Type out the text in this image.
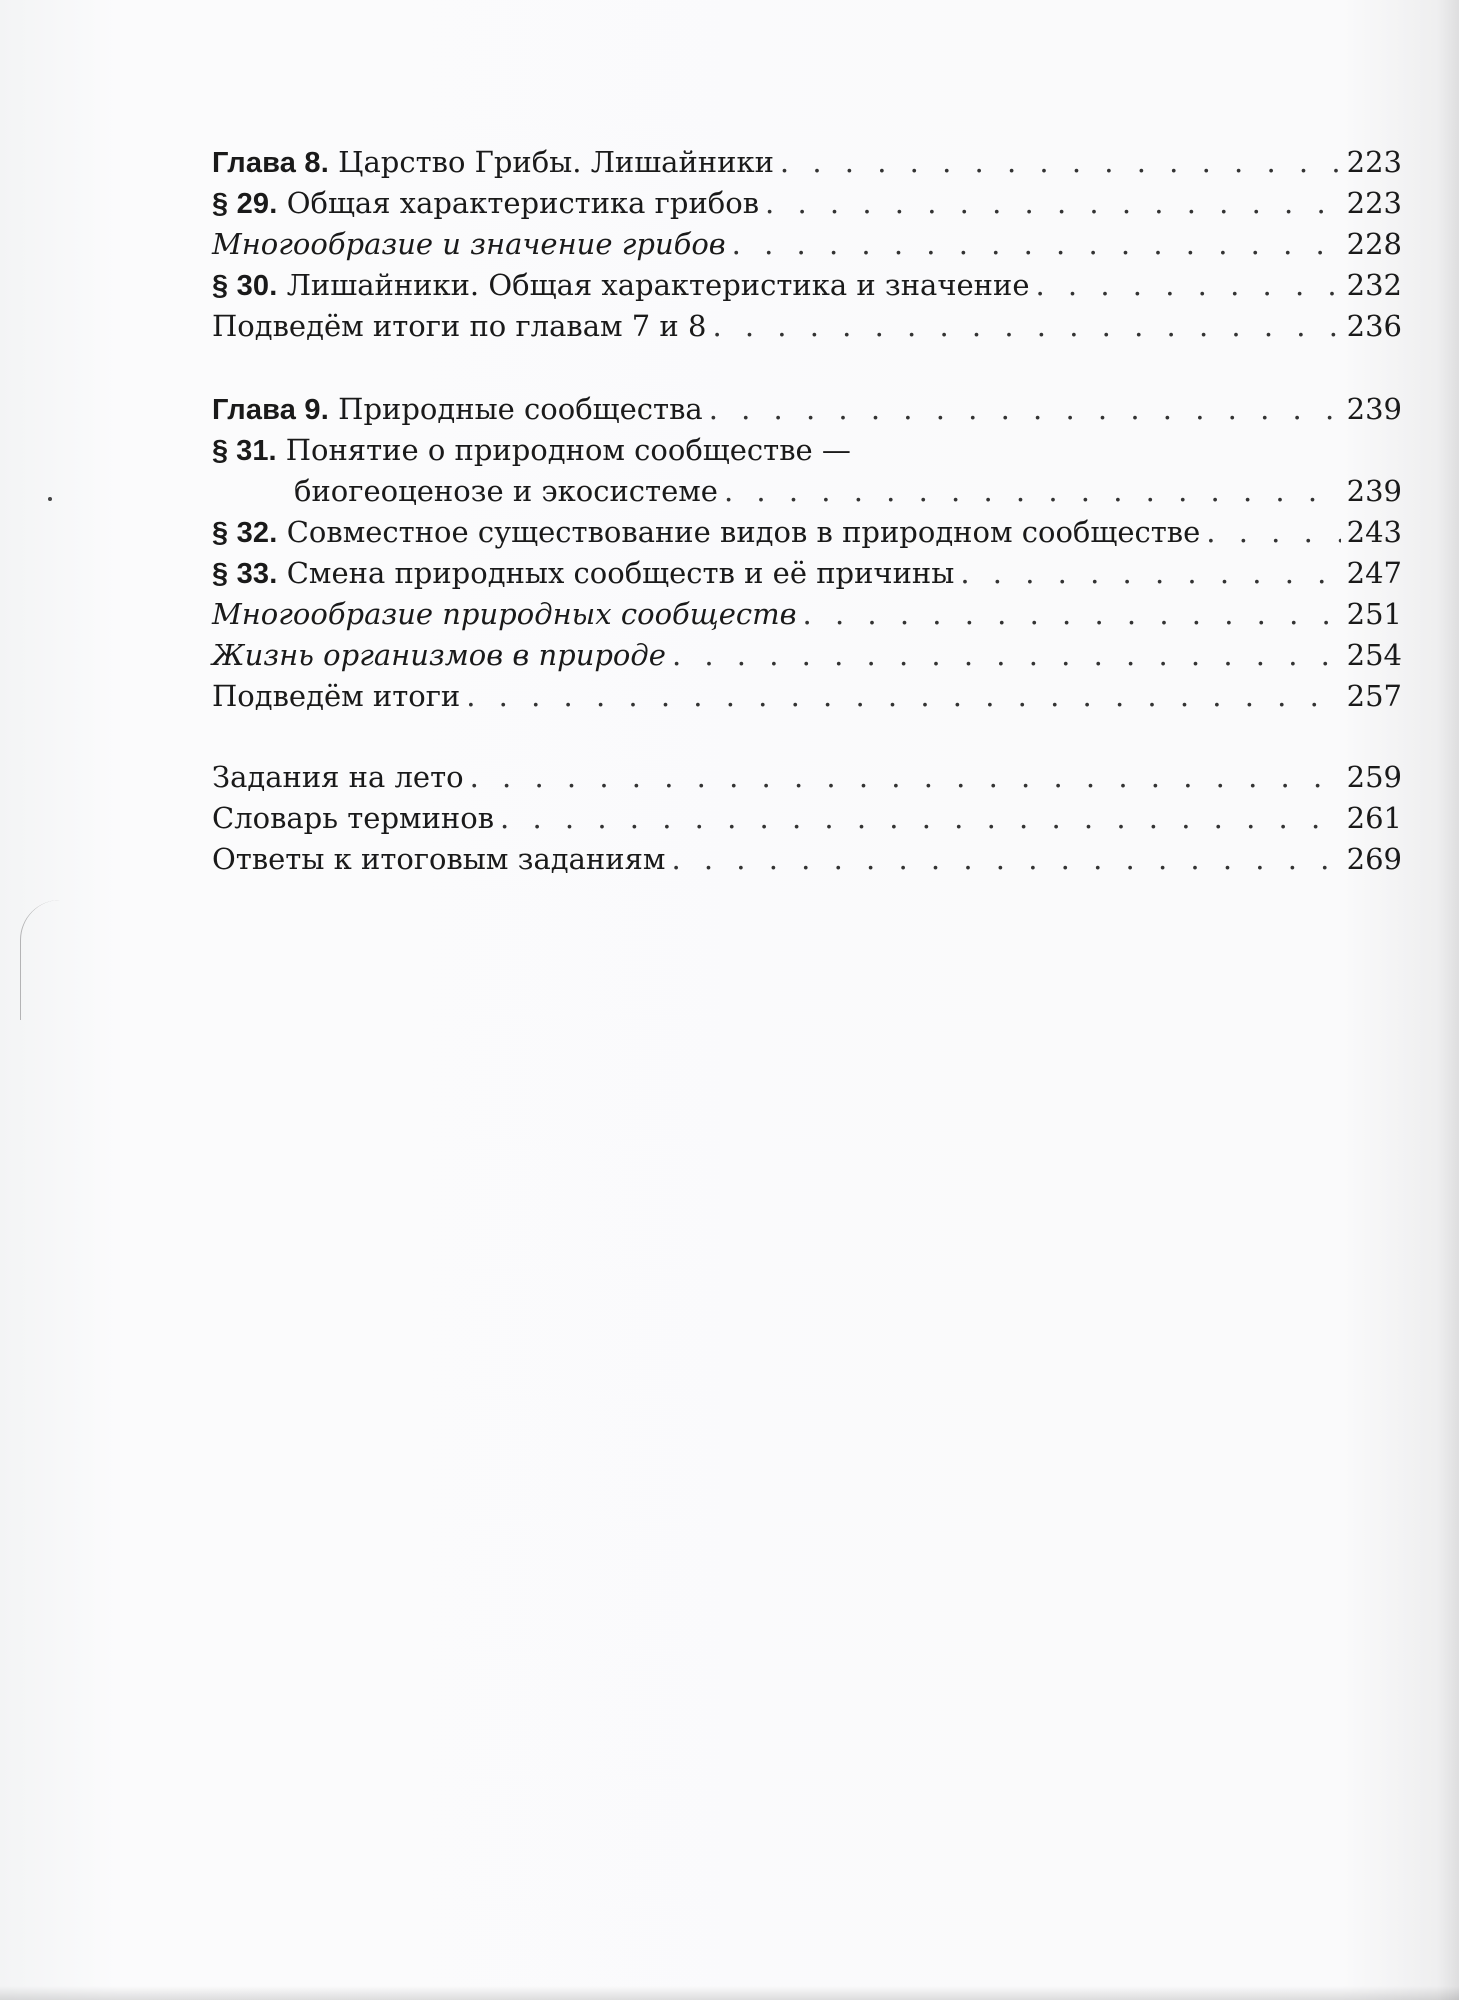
Глава 8. Царство Грибы. Лишайники . . .	223
§ 29. Общая характеристика грибов . . .	223
Многообразие и значение грибов . . .	228
§ 30. Лишайники. Общая характеристика и значение . . .	232
Подведём итоги по главам 7 и 8 . . .	236
Глава 9. Природные сообщества . . .	239
§ 31. Понятие о природном сообществе —
биогеоценозе и экосистеме . . .	239
§ 32. Совместное существование видов в природном сообществе . . .	243
§ 33. Смена природных сообществ и её причины . . .	247
Многообразие природных сообществ . . .	251
Жизнь организмов в природе . . .	254
Подведём итоги . . .	257
Задания на лето . . .	259
Словарь терминов . . .	261
Ответы к итоговым заданиям . . .	269
